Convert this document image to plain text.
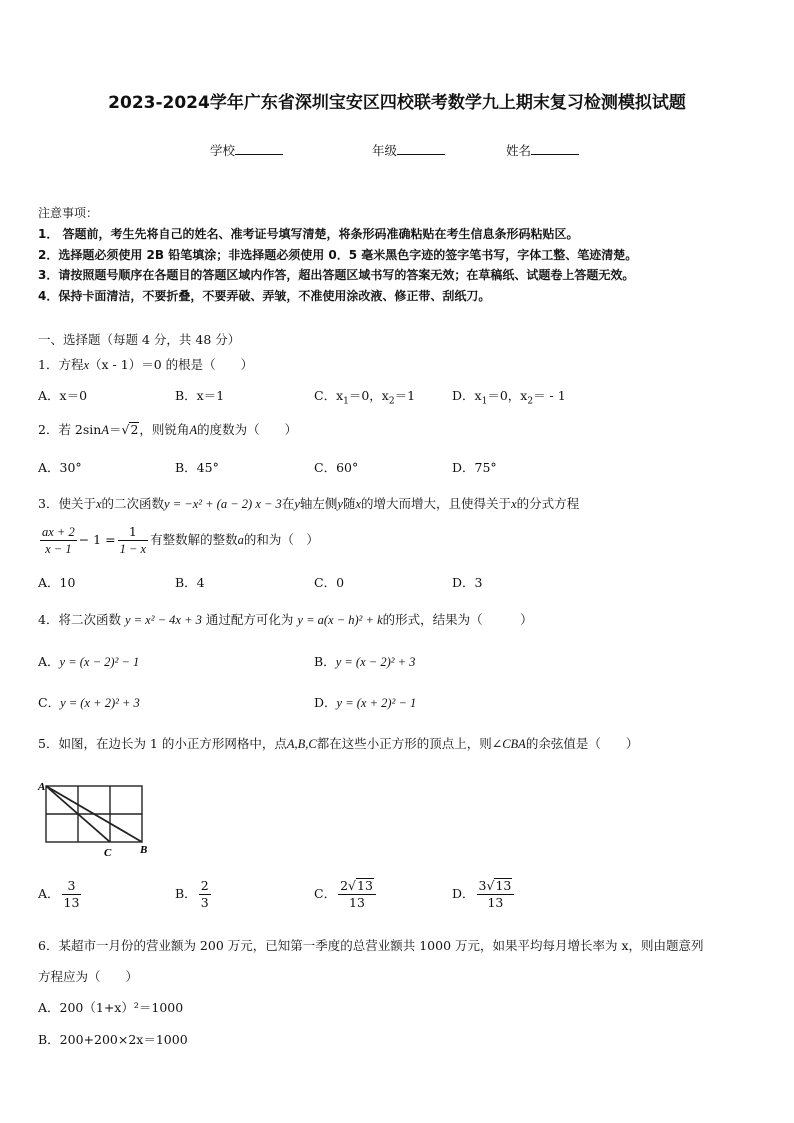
2023-2024学年广东省深圳宝安区四校联考数学九上期末复习检测模拟试题
学校	年级	姓名
注意事项：
1． 答题前，考生先将自己的姓名、准考证号填写清楚，将条形码准确粘贴在考生信息条形码粘贴区。
2．选择题必须使用 2B 铅笔填涂；非选择题必须使用 0．5 毫米黑色字迹的签字笔书写，字体工整、笔迹清楚。
3．请按照题号顺序在各题目的答题区域内作答，超出答题区域书写的答案无效；在草稿纸、试题卷上答题无效。
4．保持卡面清洁，不要折叠，不要弄破、弄皱，不准使用涂改液、修正带、刮纸刀。
一、选择题（每题 4 分，共 48 分）
1．方程x（x - 1）＝0 的根是（　　）
A．x＝0	B．x＝1	C．$x_1=0$，$x_2=1$	D．$x_1=0$，$x_2= - 1$
2．若 2sinA＝√2，则锐角A的度数为（　　）
A．30°	B．45°	C．60°	D．75°
3．使关于x的二次函数y = −x² + (a − 2) x − 3在y轴左侧y随x的增大而增大，且使得关于x的分式方程
$\frac{ax + 2}{x - 1} - 1 = \frac{1}{1 - x}$ 有整数解的整数a的和为（　）
A．10	B．4	C．0	D．3
4．将二次函数 y = x² − 4x + 3 通过配方可化为 y = a(x − h)² + k的形式，结果为（　　　）
A．y = (x − 2)² − 1	B．y = (x − 2)² + 3
C．y = (x + 2)² + 3	D．y = (x + 2)² − 1
5．如图，在边长为 1 的小正方形网格中，点A,B,C都在这些小正方形的顶点上，则∠CBA的余弦值是（　　）
A
B
C
A． $\frac{3}{13}$	B． $\frac{2}{3}$	C． $\frac{2√13}{13}$	D． $\frac{3√13}{13}$
6．某超市一月份的营业额为 200 万元，已知第一季度的总营业额共 1000 万元，如果平均每月增长率为 x，则由题意列
方程应为（　　）
A．200（1+x）²＝1000
B．200+200×2x＝1000
